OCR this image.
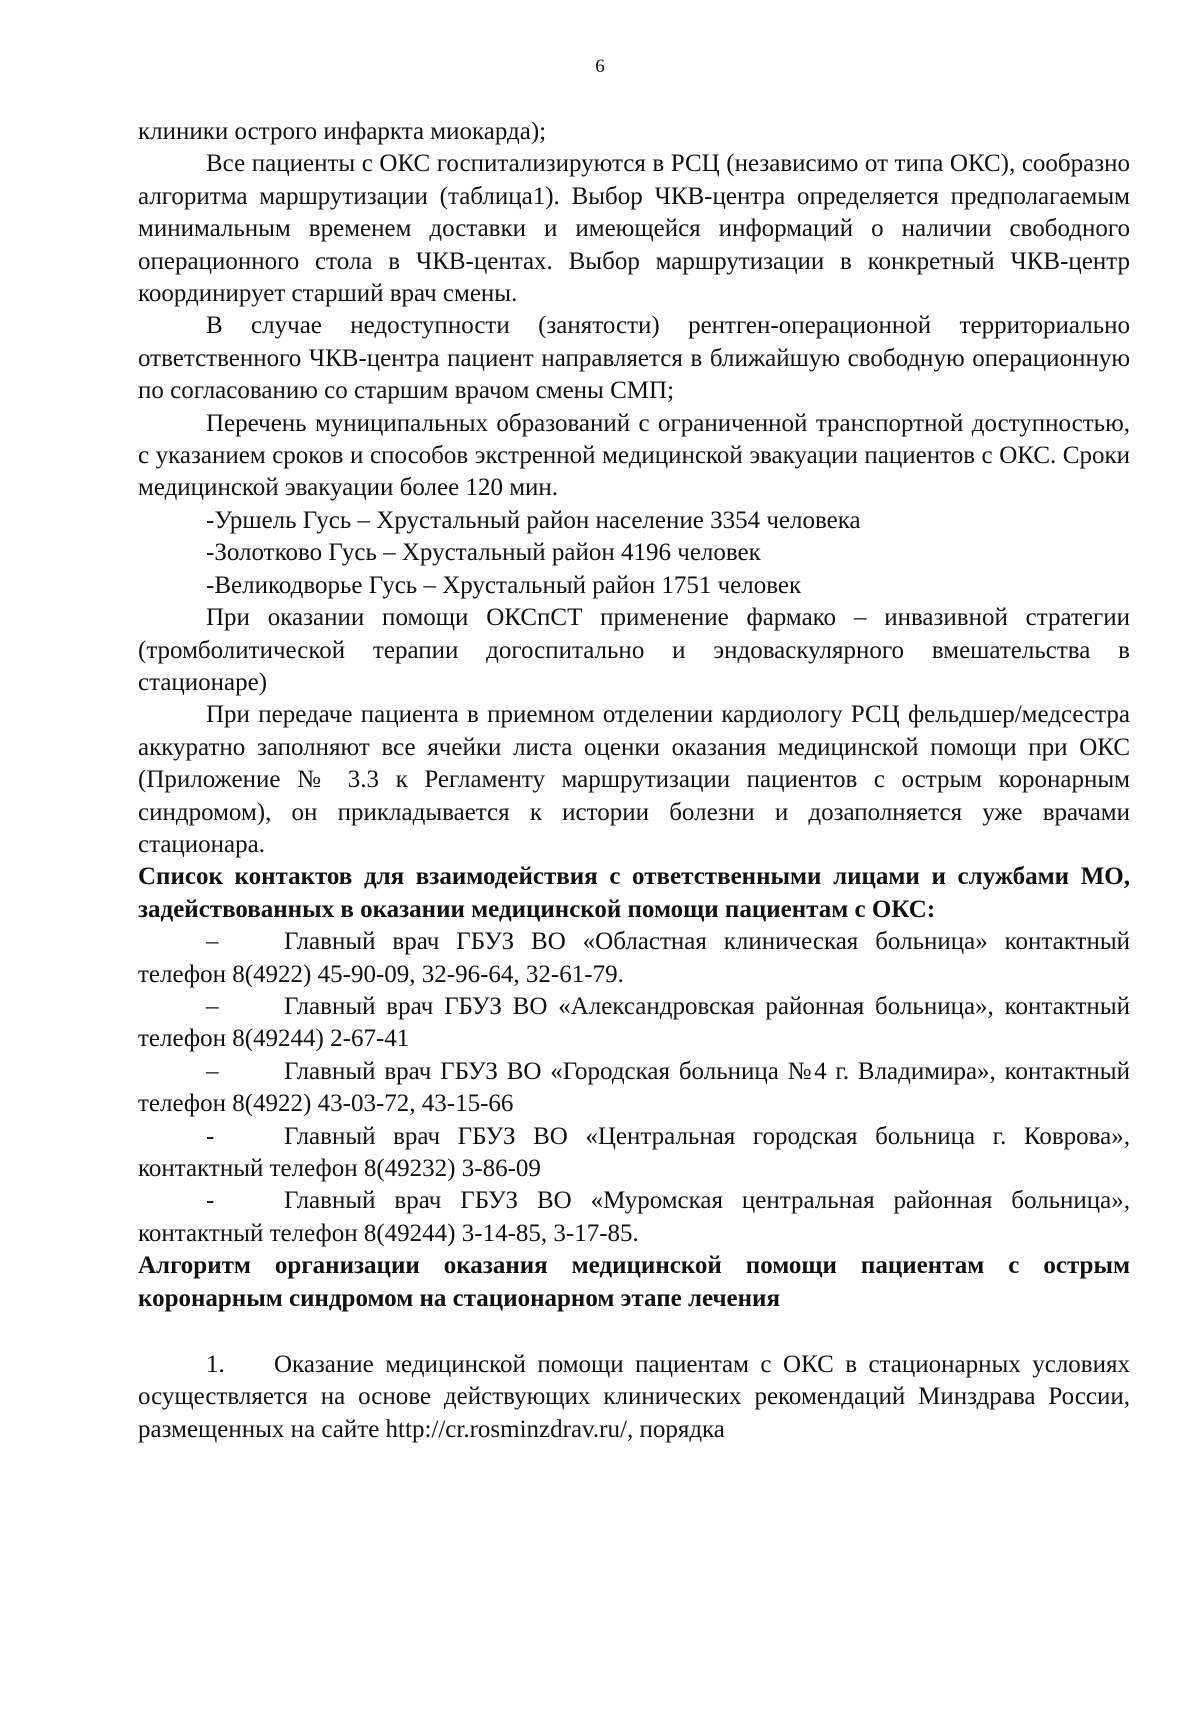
6

клиники острого инфаркта миокарда);

Все пациенты с ОКС госпитализируются в РСЦ (независимо от типа ОКС), сообразно алгоритма маршрутизации (таблица1). Выбор ЧКВ-центра определяется предполагаемым минимальным временем доставки и имеющейся информаций о наличии свободного операционного стола в ЧКВ-центах. Выбор маршрутизации в конкретный ЧКВ-центр координирует старший врач смены.

В случае недоступности (занятости) рентген-операционной территориально ответственного ЧКВ-центра пациент направляется в ближайшую свободную операционную по согласованию со старшим врачом смены СМП;

Перечень муниципальных образований с ограниченной транспортной доступностью, с указанием сроков и способов экстренной медицинской эвакуации пациентов с ОКС. Сроки медицинской эвакуации более 120 мин.

-Уршель Гусь – Хрустальный район население 3354 человека

-Золотково Гусь – Хрустальный район 4196 человек

-Великодворье Гусь – Хрустальный район 1751 человек

При оказании помощи ОКСпСТ применение фармако – инвазивной стратегии (тромболитической терапии догоспитально и эндоваскулярного вмешательства в стационаре)

При передаче пациента в приемном отделении кардиологу РСЦ фельдшер/медсестра аккуратно заполняют все ячейки листа оценки оказания медицинской помощи при ОКС (Приложение № 3.3 к Регламенту маршрутизации пациентов с острым коронарным синдромом), он прикладывается к истории болезни и дозаполняется уже врачами стационара.

Список контактов для взаимодействия с ответственными лицами и службами МО, задействованных в оказании медицинской помощи пациентам с ОКС:

–	Главный врач ГБУЗ ВО «Областная клиническая больница» контактный телефон 8(4922) 45-90-09, 32-96-64, 32-61-79.

–	Главный врач ГБУЗ ВО «Александровская районная больница», контактный телефон 8(49244) 2-67-41

–	Главный врач ГБУЗ ВО «Городская больница №4 г. Владимира», контактный телефон 8(4922) 43-03-72, 43-15-66

-	Главный врач ГБУЗ ВО «Центральная городская больница г. Коврова», контактный телефон 8(49232) 3-86-09

-	Главный врач ГБУЗ ВО «Муромская центральная районная больница», контактный телефон 8(49244) 3-14-85, 3-17-85.

Алгоритм организации оказания медицинской помощи пациентам с острым коронарным синдромом на стационарном этапе лечения

1. Оказание медицинской помощи пациентам с ОКС в стационарных условиях осуществляется на основе действующих клинических рекомендаций Минздрава России, размещенных на сайте http://cr.rosminzdrav.ru/, порядка
